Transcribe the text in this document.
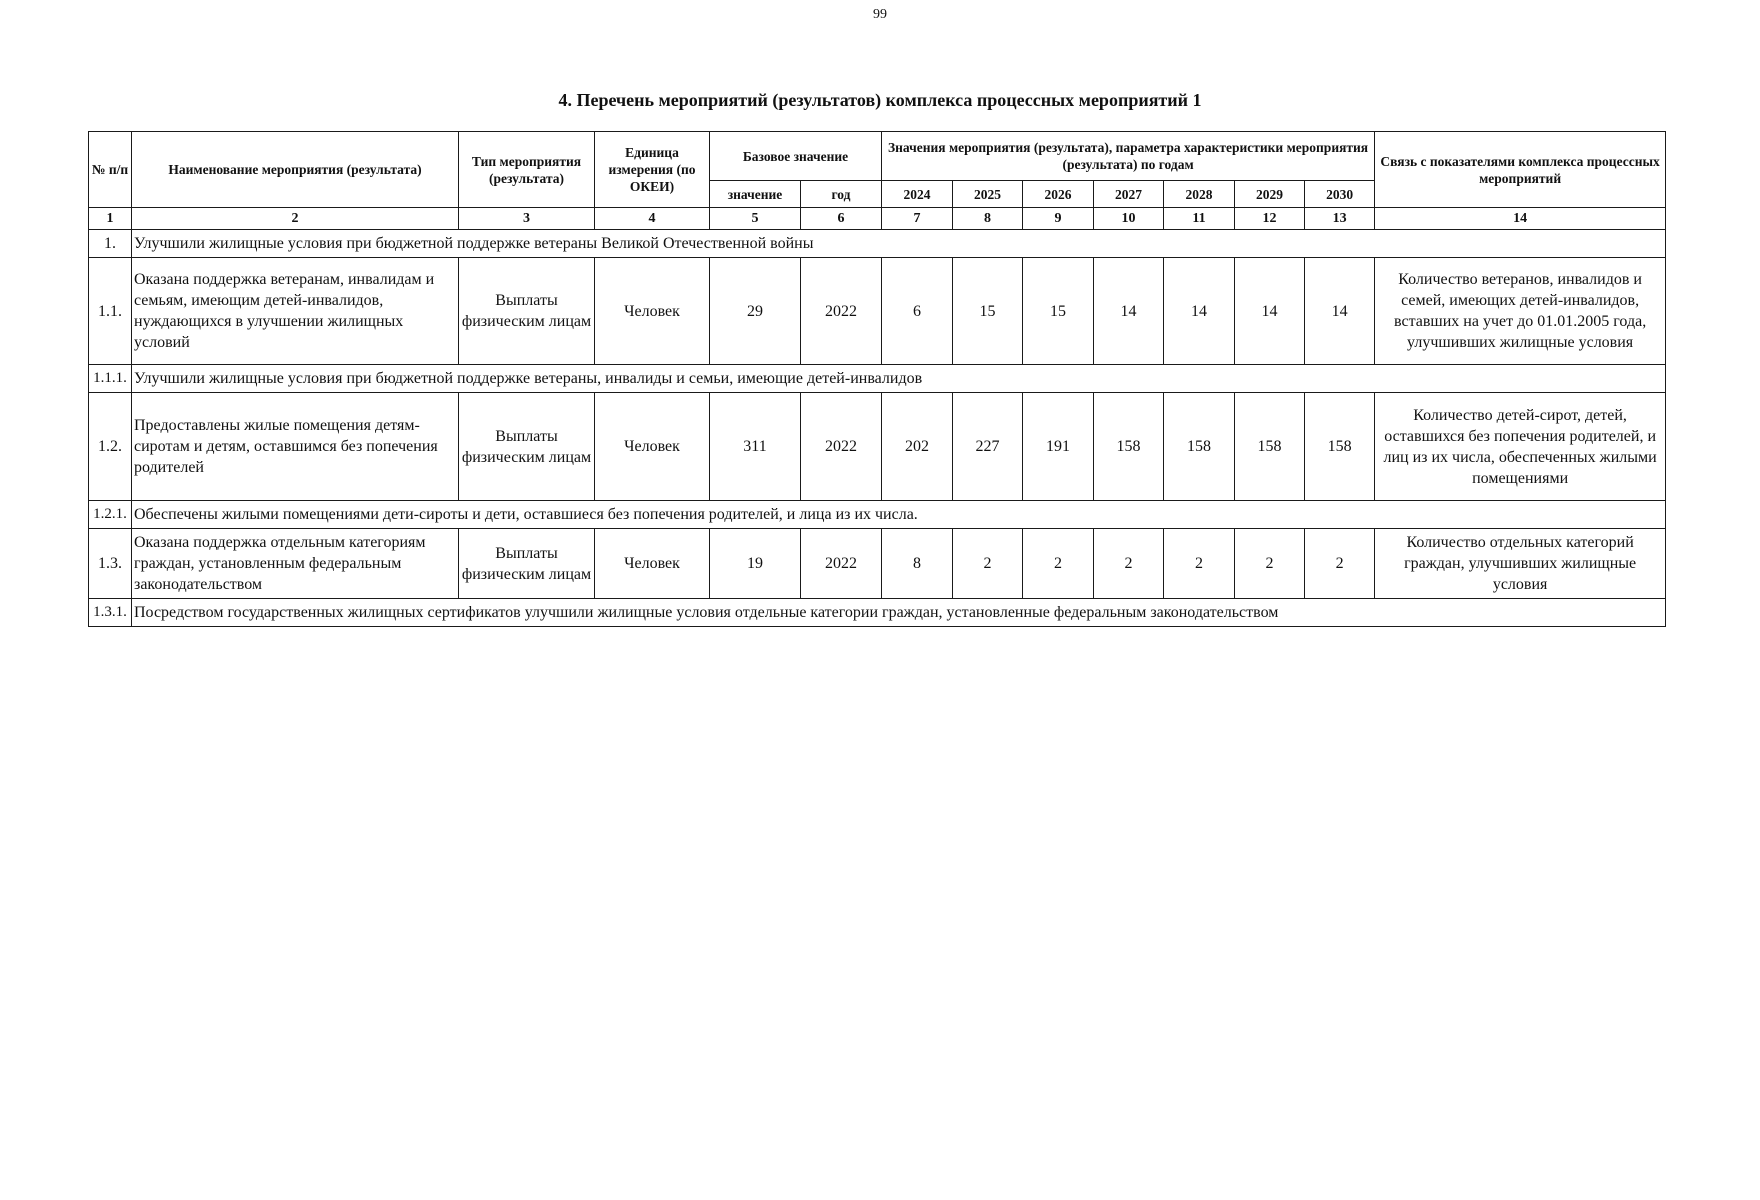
99
4. Перечень мероприятий (результатов) комплекса процессных мероприятий 1
№ п/п	Наименование мероприятия (результата)	Тип мероприятия (результата)	Единица измерения (по ОКЕИ)	Базовое значение		Значения мероприятия (результата), параметра характеристики мероприятия (результата) по годам							Связь с показателями комплекса процессных мероприятий
				значение	год	2024	2025	2026	2027	2028	2029	2030	
1	2	3	4	5	6	7	8	9	10	11	12	13	14
1.	Улучшили жилищные условия при бюджетной поддержке ветераны Великой Отечественной войны												
1.1.	Оказана поддержка ветеранам, инвалидам и семьям, имеющим детей-инвалидов, нуждающихся в улучшении жилищных условий	Выплаты физическим лицам	Человек	29	2022	6	15	15	14	14	14	14	Количество ветеранов, инвалидов и семей, имеющих детей-инвалидов, вставших на учет до 01.01.2005 года, улучшивших жилищные условия
1.1.1.	Улучшили жилищные условия при бюджетной поддержке ветераны, инвалиды и семьи, имеющие детей-инвалидов												
1.2.	Предоставлены жилые помещения детям-сиротам и детям, оставшимся без попечения родителей	Выплаты физическим лицам	Человек	311	2022	202	227	191	158	158	158	158	Количество детей-сирот, детей, оставшихся без попечения родителей, и лиц из их числа, обеспеченных жилыми помещениями
1.2.1.	Обеспечены жилыми помещениями дети-сироты и дети, оставшиеся без попечения родителей, и лица из их числа.												
1.3.	Оказана поддержка отдельным категориям граждан, установленным федеральным законодательством	Выплаты физическим лицам	Человек	19	2022	8	2	2	2	2	2	2	Количество отдельных категорий граждан, улучшивших жилищные условия
1.3.1.	Посредством государственных жилищных сертификатов улучшили жилищные условия отдельные категории граждан, установленные федеральным законодательством												
